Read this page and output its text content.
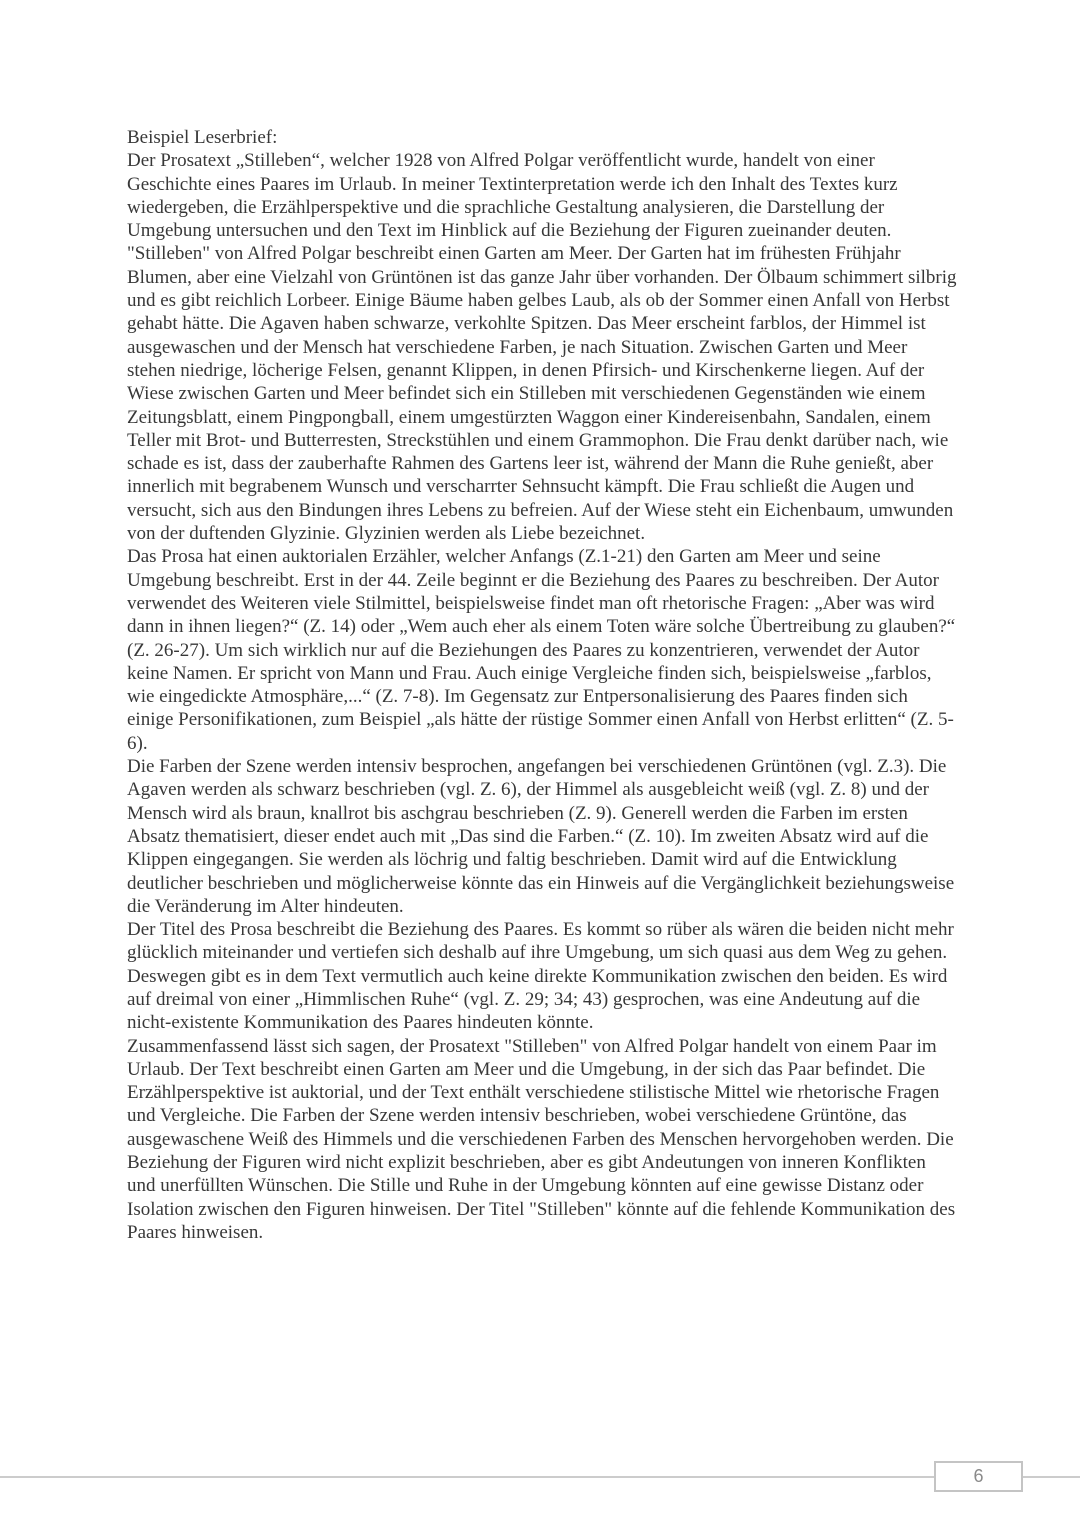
Beispiel Leserbrief:

Der Prosatext „Stilleben“, welcher 1928 von Alfred Polgar veröffentlicht wurde, handelt von einer Geschichte eines Paares im Urlaub. In meiner Textinterpretation werde ich den Inhalt des Textes kurz wiedergeben, die Erzählperspektive und die sprachliche Gestaltung analysieren, die Darstellung der Umgebung untersuchen und den Text im Hinblick auf die Beziehung der Figuren zueinander deuten.

"Stilleben" von Alfred Polgar beschreibt einen Garten am Meer. Der Garten hat im frühesten Frühjahr Blumen, aber eine Vielzahl von Grüntönen ist das ganze Jahr über vorhanden. Der Ölbaum schimmert silbrig und es gibt reichlich Lorbeer. Einige Bäume haben gelbes Laub, als ob der Sommer einen Anfall von Herbst gehabt hätte. Die Agaven haben schwarze, verkohlte Spitzen. Das Meer erscheint farblos, der Himmel ist ausgewaschen und der Mensch hat verschiedene Farben, je nach Situation. Zwischen Garten und Meer stehen niedrige, löcherige Felsen, genannt Klippen, in denen Pfirsich- und Kirschenkerne liegen. Auf der Wiese zwischen Garten und Meer befindet sich ein Stilleben mit verschiedenen Gegenständen wie einem Zeitungsblatt, einem Pingpongball, einem umgestürzten Waggon einer Kindereisenbahn, Sandalen, einem Teller mit Brot- und Butterresten, Streckstühlen und einem Grammophon. Die Frau denkt darüber nach, wie schade es ist, dass der zauberhafte Rahmen des Gartens leer ist, während der Mann die Ruhe genießt, aber innerlich mit begrabenem Wunsch und verscharrter Sehnsucht kämpft. Die Frau schließt die Augen und versucht, sich aus den Bindungen ihres Lebens zu befreien. Auf der Wiese steht ein Eichenbaum, umwunden von der duftenden Glyzinie. Glyzinien werden als Liebe bezeichnet.

Das Prosa hat einen auktorialen Erzähler, welcher Anfangs (Z.1-21) den Garten am Meer und seine Umgebung beschreibt. Erst in der 44. Zeile beginnt er die Beziehung des Paares zu beschreiben. Der Autor verwendet des Weiteren viele Stilmittel, beispielsweise findet man oft rhetorische Fragen: „Aber was wird dann in ihnen liegen?“ (Z. 14) oder „Wem auch eher als einem Toten wäre solche Übertreibung zu glauben?“ (Z. 26-27). Um sich wirklich nur auf die Beziehungen des Paares zu konzentrieren, verwendet der Autor keine Namen. Er spricht von Mann und Frau. Auch einige Vergleiche finden sich, beispielsweise „farblos, wie eingedickte Atmosphäre,...“ (Z. 7-8). Im Gegensatz zur Entpersonalisierung des Paares finden sich einige Personifikationen, zum Beispiel „als hätte der rüstige Sommer einen Anfall von Herbst erlitten“ (Z. 5-6).

Die Farben der Szene werden intensiv besprochen, angefangen bei verschiedenen Grüntönen (vgl. Z.3). Die Agaven werden als schwarz beschrieben (vgl. Z. 6), der Himmel als ausgebleicht weiß (vgl. Z. 8) und der Mensch wird als braun, knallrot bis aschgrau beschrieben (Z. 9). Generell werden die Farben im ersten Absatz thematisiert, dieser endet auch mit „Das sind die Farben.“ (Z. 10). Im zweiten Absatz wird auf die Klippen eingegangen. Sie werden als löchrig und faltig beschrieben. Damit wird auf die Entwicklung deutlicher beschrieben und möglicherweise könnte das ein Hinweis auf die Vergänglichkeit beziehungsweise die Veränderung im Alter hindeuten.

Der Titel des Prosa beschreibt die Beziehung des Paares. Es kommt so rüber als wären die beiden nicht mehr glücklich miteinander und vertiefen sich deshalb auf ihre Umgebung, um sich quasi aus dem Weg zu gehen. Deswegen gibt es in dem Text vermutlich auch keine direkte Kommunikation zwischen den beiden. Es wird auf dreimal von einer „Himmlischen Ruhe“ (vgl. Z. 29; 34; 43) gesprochen, was eine Andeutung auf die nicht-existente Kommunikation des Paares hindeuten könnte.

Zusammenfassend lässt sich sagen, der Prosatext "Stilleben" von Alfred Polgar handelt von einem Paar im Urlaub. Der Text beschreibt einen Garten am Meer und die Umgebung, in der sich das Paar befindet. Die Erzählperspektive ist auktorial, und der Text enthält verschiedene stilistische Mittel wie rhetorische Fragen und Vergleiche. Die Farben der Szene werden intensiv beschrieben, wobei verschiedene Grüntöne, das ausgewaschene Weiß des Himmels und die verschiedenen Farben des Menschen hervorgehoben werden. Die Beziehung der Figuren wird nicht explizit beschrieben, aber es gibt Andeutungen von inneren Konflikten und unerfüllten Wünschen. Die Stille und Ruhe in der Umgebung könnten auf eine gewisse Distanz oder Isolation zwischen den Figuren hinweisen. Der Titel "Stilleben" könnte auf die fehlende Kommunikation des Paares hinweisen.

6
